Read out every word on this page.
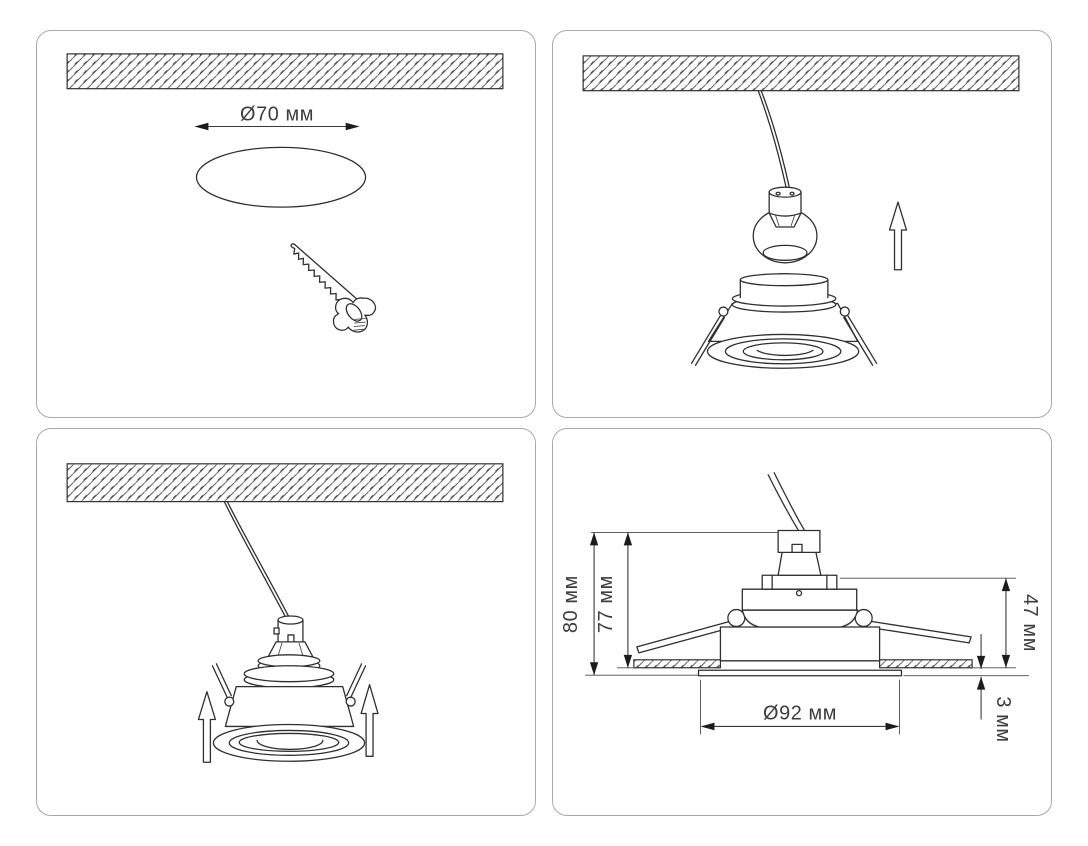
Ø70 мм
80 мм 77 мм	47 мм
3 мм
Ø92 мм
